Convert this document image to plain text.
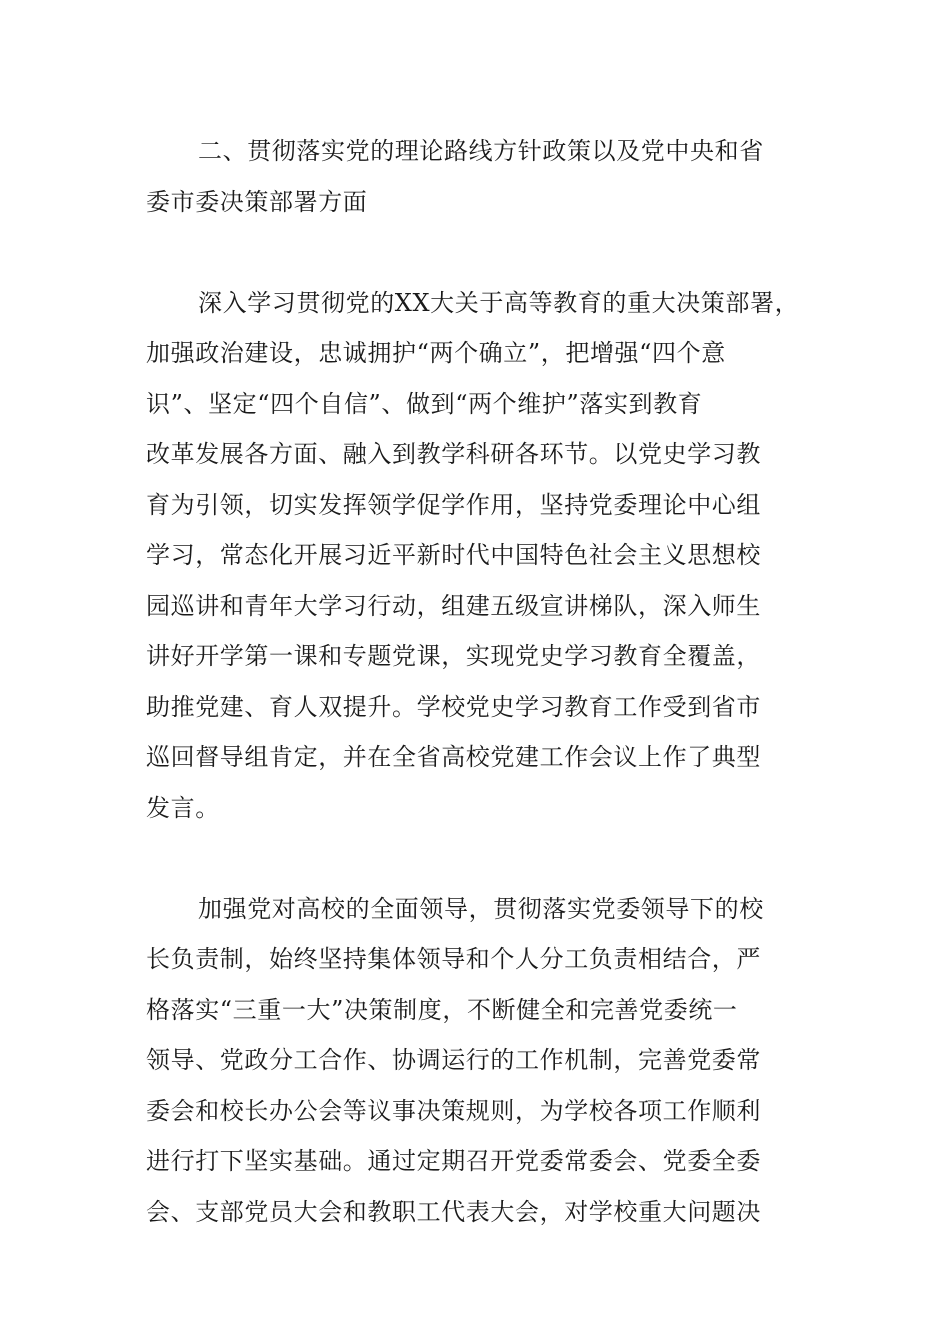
二、贯彻落实党的理论路线方针政策以及党中央和省
委市委决策部署方面
深入学习贯彻党的XX大关于高等教育的重大决策部署，
加强政治建设，忠诚拥护“两个确立”，把增强“四个意
识”、坚定“四个自信”、做到“两个维护”落实到教育
改革发展各方面、融入到教学科研各环节。以党史学习教
育为引领，切实发挥领学促学作用，坚持党委理论中心组
学习，常态化开展习近平新时代中国特色社会主义思想校
园巡讲和青年大学习行动，组建五级宣讲梯队，深入师生
讲好开学第一课和专题党课，实现党史学习教育全覆盖，
助推党建、育人双提升。学校党史学习教育工作受到省市
巡回督导组肯定，并在全省高校党建工作会议上作了典型
发言。
加强党对高校的全面领导，贯彻落实党委领导下的校
长负责制，始终坚持集体领导和个人分工负责相结合，严
格落实“三重一大”决策制度，不断健全和完善党委统一
领导、党政分工合作、协调运行的工作机制，完善党委常
委会和校长办公会等议事决策规则，为学校各项工作顺利
进行打下坚实基础。通过定期召开党委常委会、党委全委
会、支部党员大会和教职工代表大会，对学校重大问题决
